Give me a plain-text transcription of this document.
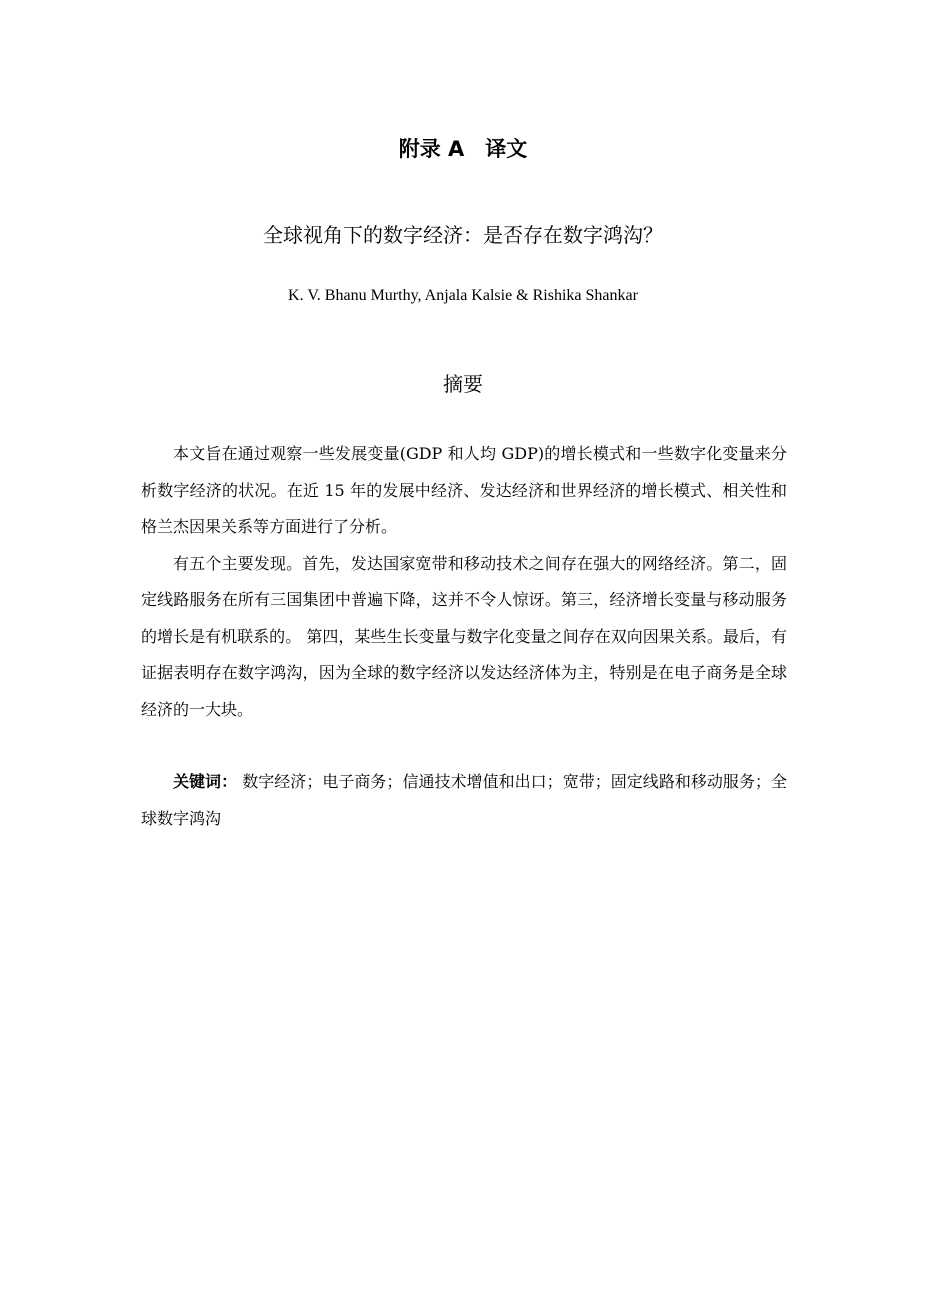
附录 A　译文
全球视角下的数字经济：是否存在数字鸿沟？
K. V. Bhanu Murthy, Anjala Kalsie & Rishika Shankar
摘要

本文旨在通过观察一些发展变量(GDP 和人均 GDP)的增长模式和一些数字化变量来分析数字经济的状况。在近 15 年的发展中经济、发达经济和世界经济的增长模式、相关性和格兰杰因果关系等方面进行了分析。

有五个主要发现。首先，发达国家宽带和移动技术之间存在强大的网络经济。第二，固定线路服务在所有三国集团中普遍下降，这并不令人惊讶。第三，经济增长变量与移动服务的增长是有机联系的。 第四，某些生长变量与数字化变量之间存在双向因果关系。最后，有证据表明存在数字鸿沟，因为全球的数字经济以发达经济体为主，特别是在电子商务是全球经济的一大块。

关键词： 数字经济；电子商务；信通技术增值和出口；宽带；固定线路和移动服务；全球数字鸿沟
